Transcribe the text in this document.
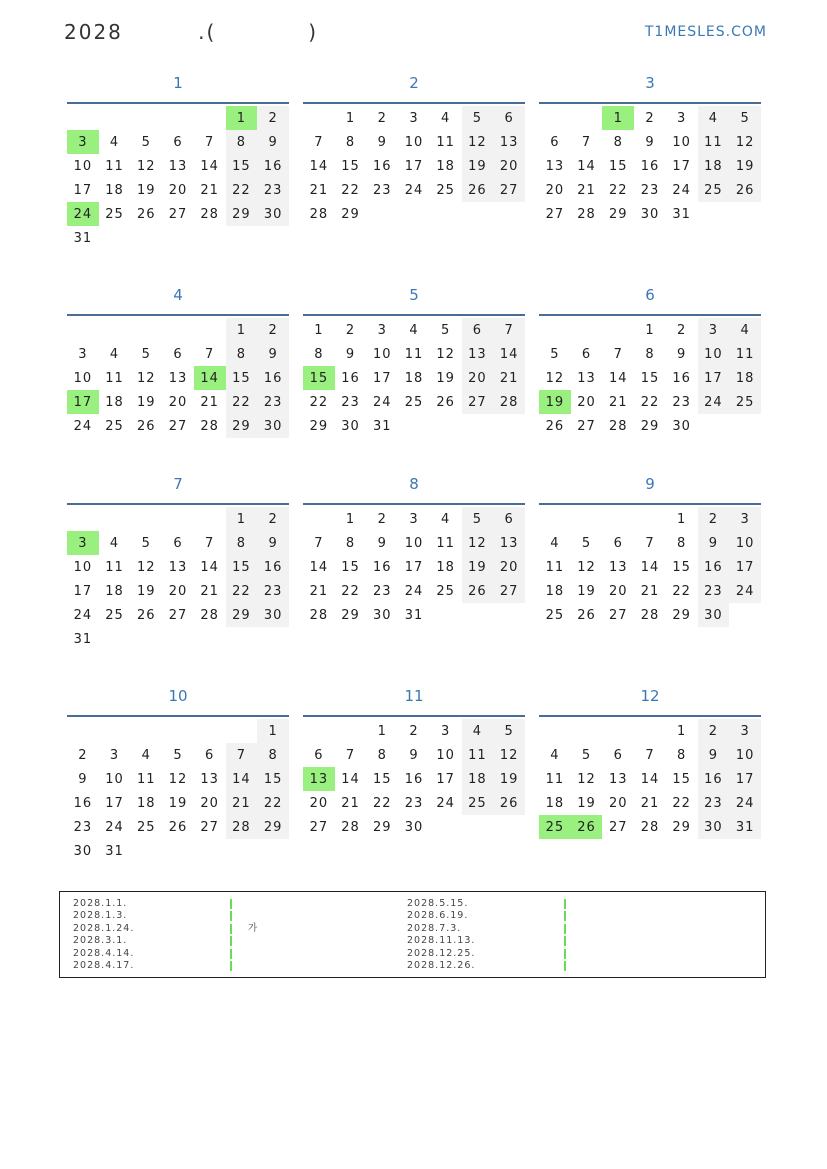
2028         .(           )	T1MESLES.COM
1
					1	2
3	4	5	6	7	8	9
10	11	12	13	14	15	16
17	18	19	20	21	22	23
24	25	26	27	28	29	30
31						
2
	1	2	3	4	5	6
7	8	9	10	11	12	13
14	15	16	17	18	19	20
21	22	23	24	25	26	27
28	29					
3
		1	2	3	4	5
6	7	8	9	10	11	12
13	14	15	16	17	18	19
20	21	22	23	24	25	26
27	28	29	30	31		
4
					1	2
3	4	5	6	7	8	9
10	11	12	13	14	15	16
17	18	19	20	21	22	23
24	25	26	27	28	29	30
5
1	2	3	4	5	6	7
8	9	10	11	12	13	14
15	16	17	18	19	20	21
22	23	24	25	26	27	28
29	30	31				
6
			1	2	3	4
5	6	7	8	9	10	11
12	13	14	15	16	17	18
19	20	21	22	23	24	25
26	27	28	29	30		
7
					1	2
3	4	5	6	7	8	9
10	11	12	13	14	15	16
17	18	19	20	21	22	23
24	25	26	27	28	29	30
31						
8
	1	2	3	4	5	6
7	8	9	10	11	12	13
14	15	16	17	18	19	20
21	22	23	24	25	26	27
28	29	30	31			
9
				1	2	3
4	5	6	7	8	9	10
11	12	13	14	15	16	17
18	19	20	21	22	23	24
25	26	27	28	29	30	
10
						1
2	3	4	5	6	7	8
9	10	11	12	13	14	15
16	17	18	19	20	21	22
23	24	25	26	27	28	29
30	31					
11
		1	2	3	4	5
6	7	8	9	10	11	12
13	14	15	16	17	18	19
20	21	22	23	24	25	26
27	28	29	30			
12
				1	2	3
4	5	6	7	8	9	10
11	12	13	14	15	16	17
18	19	20	21	22	23	24
25	26	27	28	29	30	31
2028.1.1.
2028.1.3.
2028.1.24.	가
2028.3.1.
2028.4.14.
2028.4.17.
2028.5.15.
2028.6.19.
2028.7.3.
2028.11.13.
2028.12.25.
2028.12.26.
